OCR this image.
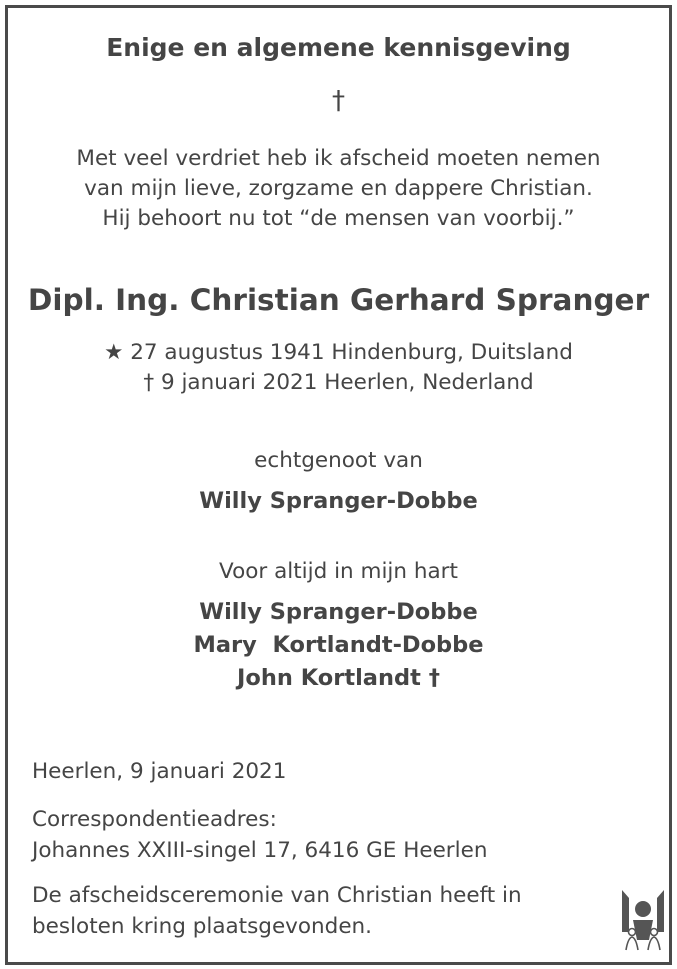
Enige en algemene kennisgeving
†
Met veel verdriet heb ik afscheid moeten nemen
van mijn lieve, zorgzame en dappere Christian.
Hij behoort nu tot “de mensen van voorbij.”
Dipl. Ing. Christian Gerhard Spranger
★ 27 augustus 1941 Hindenburg, Duitsland
† 9 januari 2021 Heerlen, Nederland
echtgenoot van
Willy Spranger-Dobbe
Voor altijd in mijn hart
Willy Spranger-Dobbe
Mary  Kortlandt-Dobbe
John Kortlandt †
Heerlen, 9 januari 2021
Correspondentieadres:
Johannes XXIII-singel 17, 6416 GE Heerlen
De afscheidsceremonie van Christian heeft in
besloten kring plaatsgevonden.
